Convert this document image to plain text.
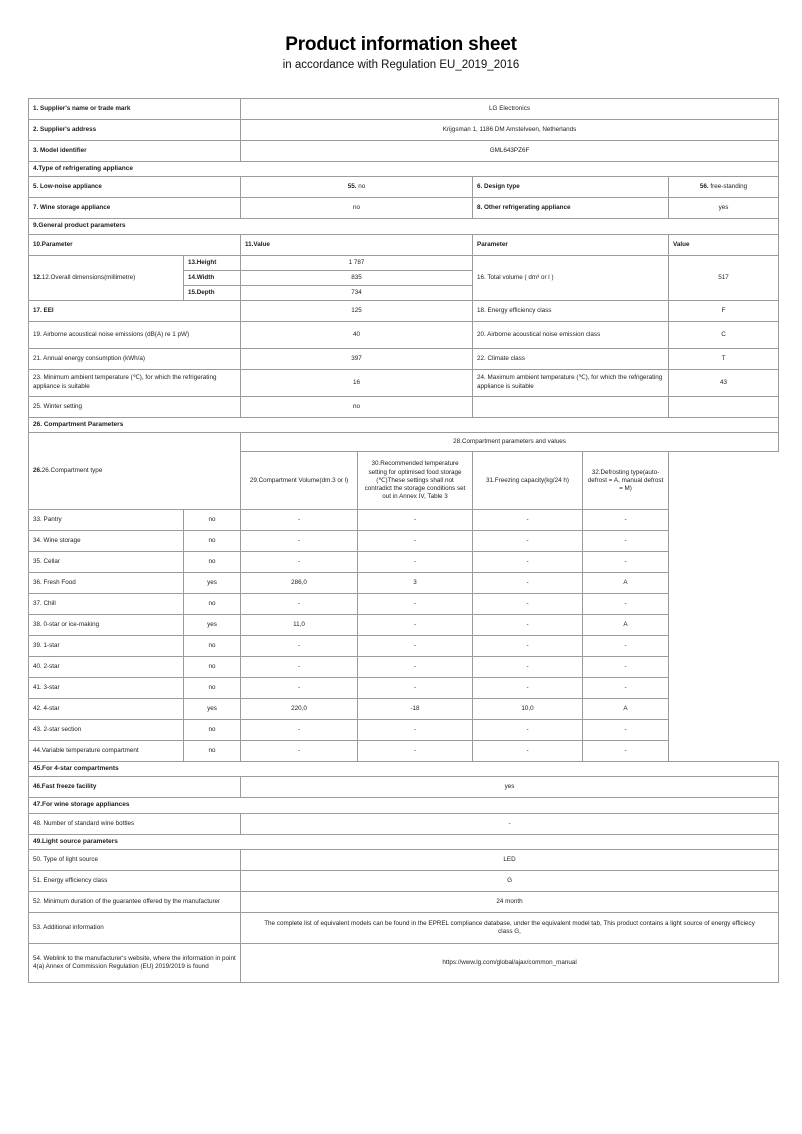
Product information sheet

in accordance with Regulation EU_2019_2016

1. Supplier's name or trade mark		LG Electronics				
2. Supplier's address		Krijgsman 1, 1186 DM Amstelveen, Netherlands				
3. Model identifier		GML643PZ6F				
4.Type of refrigerating appliance						
5. Low-noise appliance		55. no		6. Design type		56. free-standing
7. Wine storage appliance		no		8. Other refrigerating appliance		yes
9.General product parameters						
10.Parameter		11.Value		Parameter		Value
12.12.Overall dimensions(millimetre)	13.Height	1 787		16. Total volume ( dm³ or l )		517
	14.Width	835				
	15.Depth	734				
17. EEI		125		18. Energy efficiency class		F
19. Airborne acoustical noise emissions (dB(A) re 1 pW)		40		20. Airborne acoustical noise emission class		C
21. Annual energy consumption (kWh/a)		397		22. Climate class		T
23. Minimum ambient temperature (℃), for which the refrigerating appliance is suitable		16		24. Maximum ambient temperature (℃), for which the refrigerating appliance is suitable		43
25. Winter setting		no				
26. Compartment Parameters						
26.26.Compartment type		28.Compartment parameters and values				
		29.Compartment Volume(dm.3 or l)	30.Recommended temperature setting for optimised food storage (℃)These settings shall not contradict the storage conditions set out in Annex IV, Table 3	31.Freezing capacity(kg/24 h)	32.Defrosting type(auto-defrost = A, manual defrost = M)	
33. Pantry	no	-	-	-	-	
34. Wine storage	no	-	-	-	-	
35. Cellar	no	-	-	-	-	
36. Fresh Food	yes	286,0	3	-	A	
37. Chill	no	-	-	-	-	
38. 0-star or ice-making	yes	11,0	-	-	A	
39. 1-star	no	-	-	-	-	
40. 2-star	no	-	-	-	-	
41. 3-star	no	-	-	-	-	
42. 4-star	yes	220,0	-18	10,0	A	
43. 2-star section	no	-	-	-	-	
44.Variable temperature compartment	no	-	-	-	-	
45.For 4-star compartments						
46.Fast freeze facility		yes				
47.For wine storage appliances						
48. Number of standard wine bottles		-				
49.Light source parameters						
50. Type of light source		LED				
51. Energy efficiency class		G				
52. Minimum duration of the guarantee offered by the manufacturer		24 month				
53. Additional information		The complete list of equivalent models can be found in the EPREL compliance database, under the equivalent model tab, This product contains a light source of energy efficiecy class G,				
54. Weblink to the manufacturer's website, where the information in point 4(a) Annex of Commission Regulation (EU) 2019/2019 is found		https://www.lg.com/global/ajax/common_manual				
